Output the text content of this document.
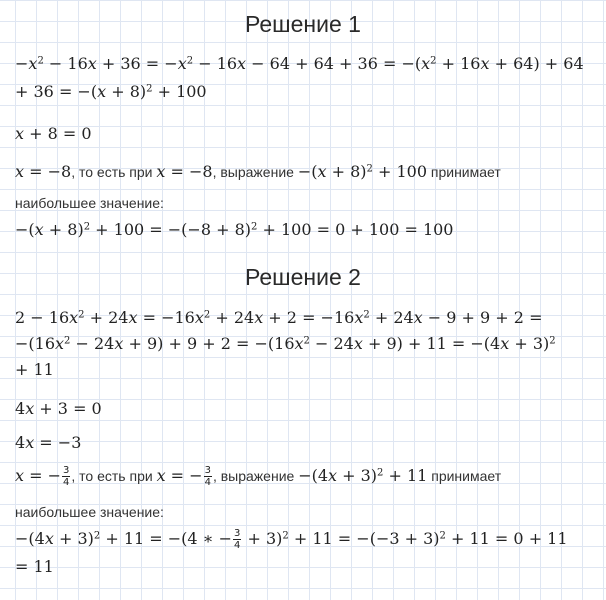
Решение 1
$-x^2 - 16x + 36 = -x^2 - 16x - 64 + 64 + 36 = -(x^2 + 16x + 64) + 64$
+ $36 = -(x + 8)^2 + 100$
x + 8 = 0
x = −8, то есть при x = −8, выражение $-(x + 8)^2 + 100$ принимает
наибольшее значение:
$-(x + 8)^2 + 100 = -(-8 + 8)^2 + 100 = 0 + 100 = 100$
Решение 2
$2 - 16x^2 + 24x = -16x^2 + 24x + 2 = -16x^2 + 24x - 9 + 9 + 2$ =
$-(16x^2 - 24x + 9) + 9 + 2 = -(16x^2 - 24x + 9) + 11 = -(4x + 3)^2$
+ 11
4x + 3 = 0
4x = −3
x = − $\frac{3}{4}$ , то есть при x = − $\frac{3}{4}$ , выражение $-(4x + 3)^2 + 11$ принимает
наибольшее значение:
$-(4x + 3)^2 + 11 = -(4$ ∗ − $\frac{3}{4} + 3)^2 + 11 = -(-3 + 3)^2 + 11 = 0 + 11$
= 11
